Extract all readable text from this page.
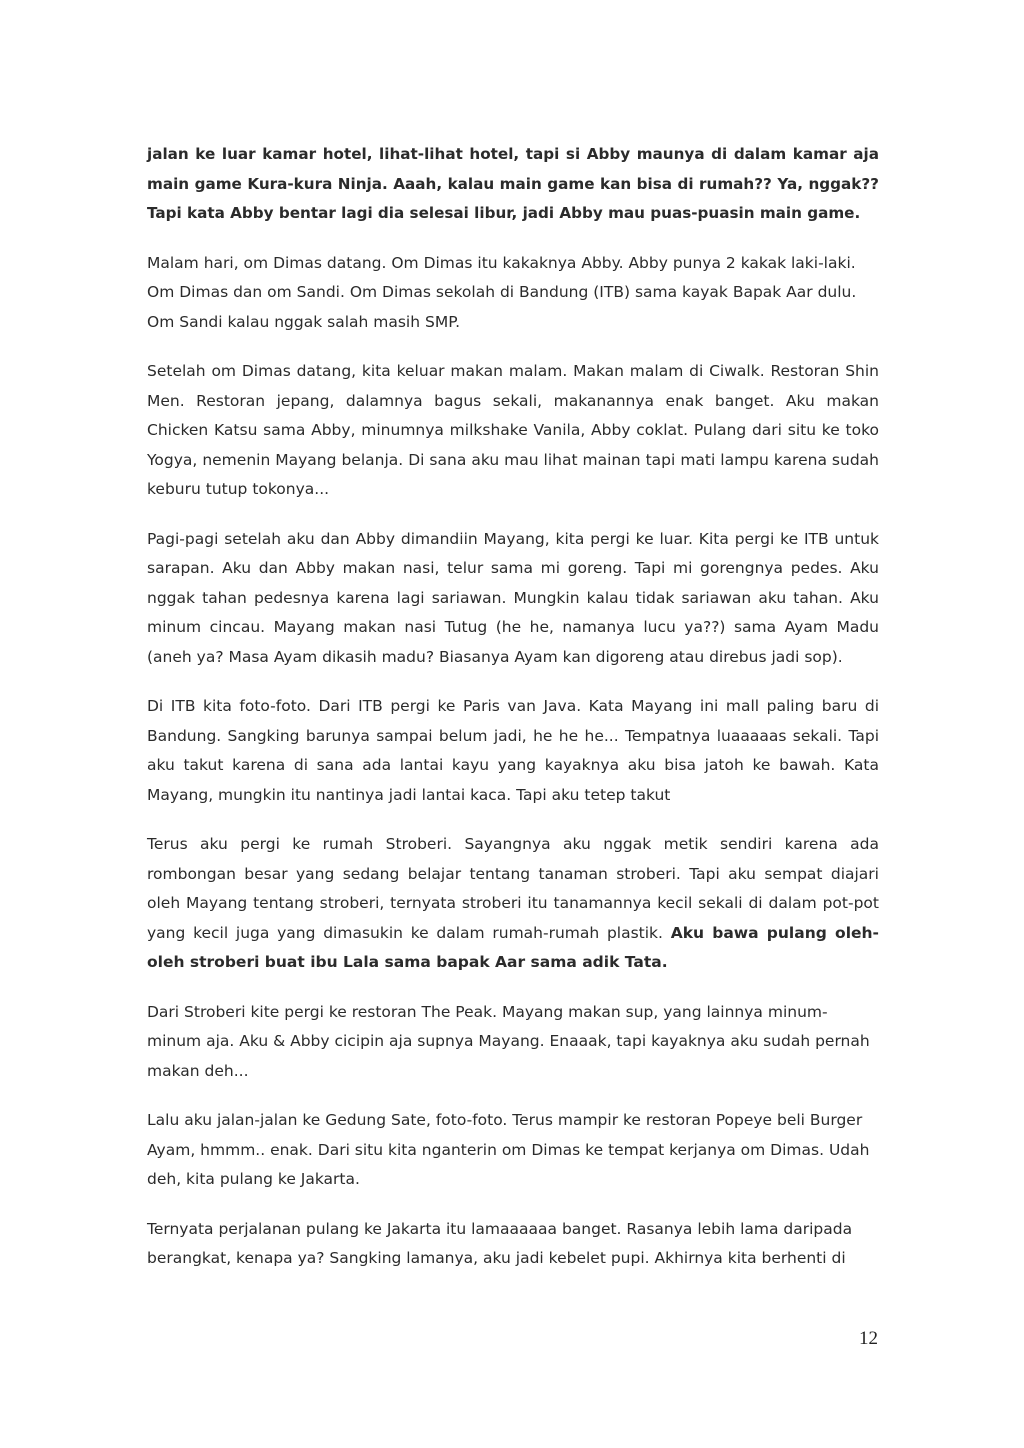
jalan ke luar kamar hotel, lihat-lihat hotel, tapi si Abby maunya di dalam kamar aja main game Kura-kura Ninja. Aaah, kalau main game kan bisa di rumah?? Ya, nggak?? Tapi kata Abby bentar lagi dia selesai libur, jadi Abby mau puas-puasin main game.

Malam hari, om Dimas datang. Om Dimas itu kakaknya Abby. Abby punya 2 kakak laki-laki. Om Dimas dan om Sandi. Om Dimas sekolah di Bandung (ITB) sama kayak Bapak Aar dulu. Om Sandi kalau nggak salah masih SMP.

Setelah om Dimas datang, kita keluar makan malam. Makan malam di Ciwalk. Restoran Shin Men. Restoran jepang, dalamnya bagus sekali, makanannya enak banget. Aku makan Chicken Katsu sama Abby, minumnya milkshake Vanila, Abby coklat. Pulang dari situ ke toko Yogya, nemenin Mayang belanja. Di sana aku mau lihat mainan tapi mati lampu karena sudah keburu tutup tokonya...

Pagi-pagi setelah aku dan Abby dimandiin Mayang, kita pergi ke luar. Kita pergi ke ITB untuk sarapan. Aku dan Abby makan nasi, telur sama mi goreng. Tapi mi gorengnya pedes. Aku nggak tahan pedesnya karena lagi sariawan. Mungkin kalau tidak sariawan aku tahan. Aku minum cincau. Mayang makan nasi Tutug (he he, namanya lucu ya??) sama Ayam Madu (aneh ya? Masa Ayam dikasih madu? Biasanya Ayam kan digoreng atau direbus jadi sop).

Di ITB kita foto-foto. Dari ITB pergi ke Paris van Java. Kata Mayang ini mall paling baru di Bandung. Sangking barunya sampai belum jadi, he he he... Tempatnya luaaaaas sekali. Tapi aku takut karena di sana ada lantai kayu yang kayaknya aku bisa jatoh ke bawah. Kata Mayang, mungkin itu nantinya jadi lantai kaca. Tapi aku tetep takut

Terus aku pergi ke rumah Stroberi. Sayangnya aku nggak metik sendiri karena ada rombongan besar yang sedang belajar tentang tanaman stroberi. Tapi aku sempat diajari oleh Mayang tentang stroberi, ternyata stroberi itu tanamannya kecil sekali di dalam pot-pot yang kecil juga yang dimasukin ke dalam rumah-rumah plastik. Aku bawa pulang oleh-oleh stroberi buat ibu Lala sama bapak Aar sama adik Tata.

Dari Stroberi kite pergi ke restoran The Peak. Mayang makan sup, yang lainnya minum-minum aja. Aku & Abby cicipin aja supnya Mayang. Enaaak, tapi kayaknya aku sudah pernah makan deh...

Lalu aku jalan-jalan ke Gedung Sate, foto-foto. Terus mampir ke restoran Popeye beli Burger Ayam, hmmm.. enak. Dari situ kita nganterin om Dimas ke tempat kerjanya om Dimas. Udah deh, kita pulang ke Jakarta.

Ternyata perjalanan pulang ke Jakarta itu lamaaaaaa banget. Rasanya lebih lama daripada berangkat, kenapa ya? Sangking lamanya, aku jadi kebelet pupi. Akhirnya kita berhenti di

12
